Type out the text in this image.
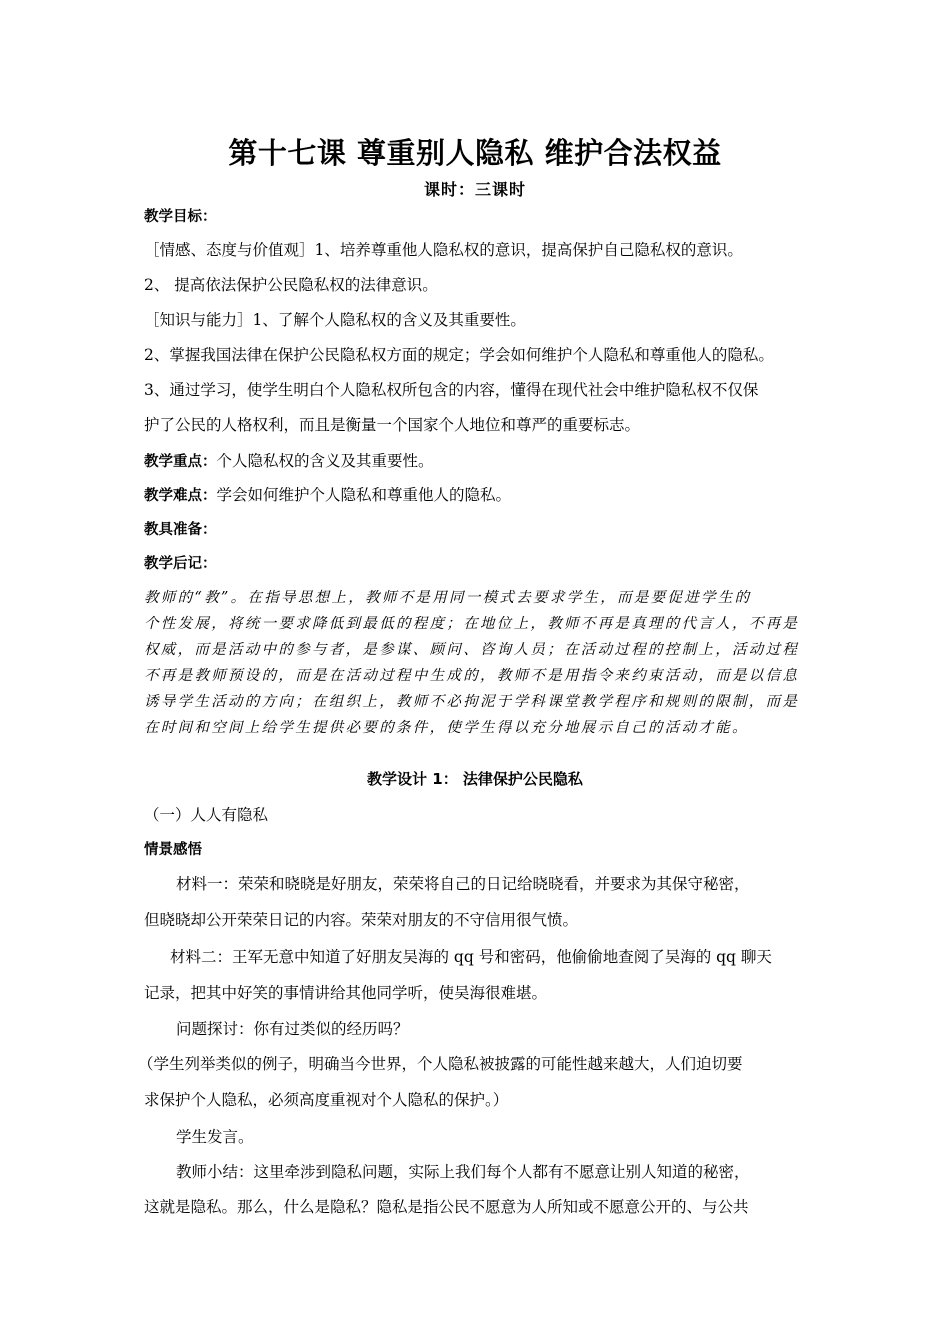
第十七课 尊重别人隐私 维护合法权益
课时：三课时
教学目标：
［情感、态度与价值观］1、培养尊重他人隐私权的意识，提高保护自己隐私权的意识。
2、 提高依法保护公民隐私权的法律意识。
［知识与能力］1、了解个人隐私权的含义及其重要性。
2、掌握我国法律在保护公民隐私权方面的规定；学会如何维护个人隐私和尊重他人的隐私。
3、通过学习，使学生明白个人隐私权所包含的内容，懂得在现代社会中维护隐私权不仅保
护了公民的人格权利，而且是衡量一个国家个人地位和尊严的重要标志。
教学重点：个人隐私权的含义及其重要性。
教学难点：学会如何维护个人隐私和尊重他人的隐私。
教具准备：
教学后记：
教师的“教”。在指导思想上，教师不是用同一模式去要求学生，而是要促进学生的
个性发展，将统一要求降低到最低的程度；在地位上，教师不再是真理的代言人，不再是
权威，而是活动中的参与者，是参谋、顾问、咨询人员；在活动过程的控制上，活动过程
不再是教师预设的，而是在活动过程中生成的，教师不是用指令来约束活动，而是以信息
诱导学生活动的方向；在组织上，教师不必拘泥于学科课堂教学程序和规则的限制，而是
在时间和空间上给学生提供必要的条件，使学生得以充分地展示自己的活动才能。
教学设计 1： 法律保护公民隐私
（一）人人有隐私
情景感悟
材料一：荣荣和晓晓是好朋友，荣荣将自己的日记给晓晓看，并要求为其保守秘密，
但晓晓却公开荣荣日记的内容。荣荣对朋友的不守信用很气愤。
材料二：王军无意中知道了好朋友吴海的 qq 号和密码，他偷偷地查阅了吴海的 qq 聊天
记录，把其中好笑的事情讲给其他同学听，使吴海很难堪。
问题探讨：你有过类似的经历吗？
（学生列举类似的例子，明确当今世界，个人隐私被披露的可能性越来越大，人们迫切要
求保护个人隐私，必须高度重视对个人隐私的保护。）
学生发言。
教师小结：这里牵涉到隐私问题，实际上我们每个人都有不愿意让别人知道的秘密，
这就是隐私。那么，什么是隐私？隐私是指公民不愿意为人所知或不愿意公开的、与公共
